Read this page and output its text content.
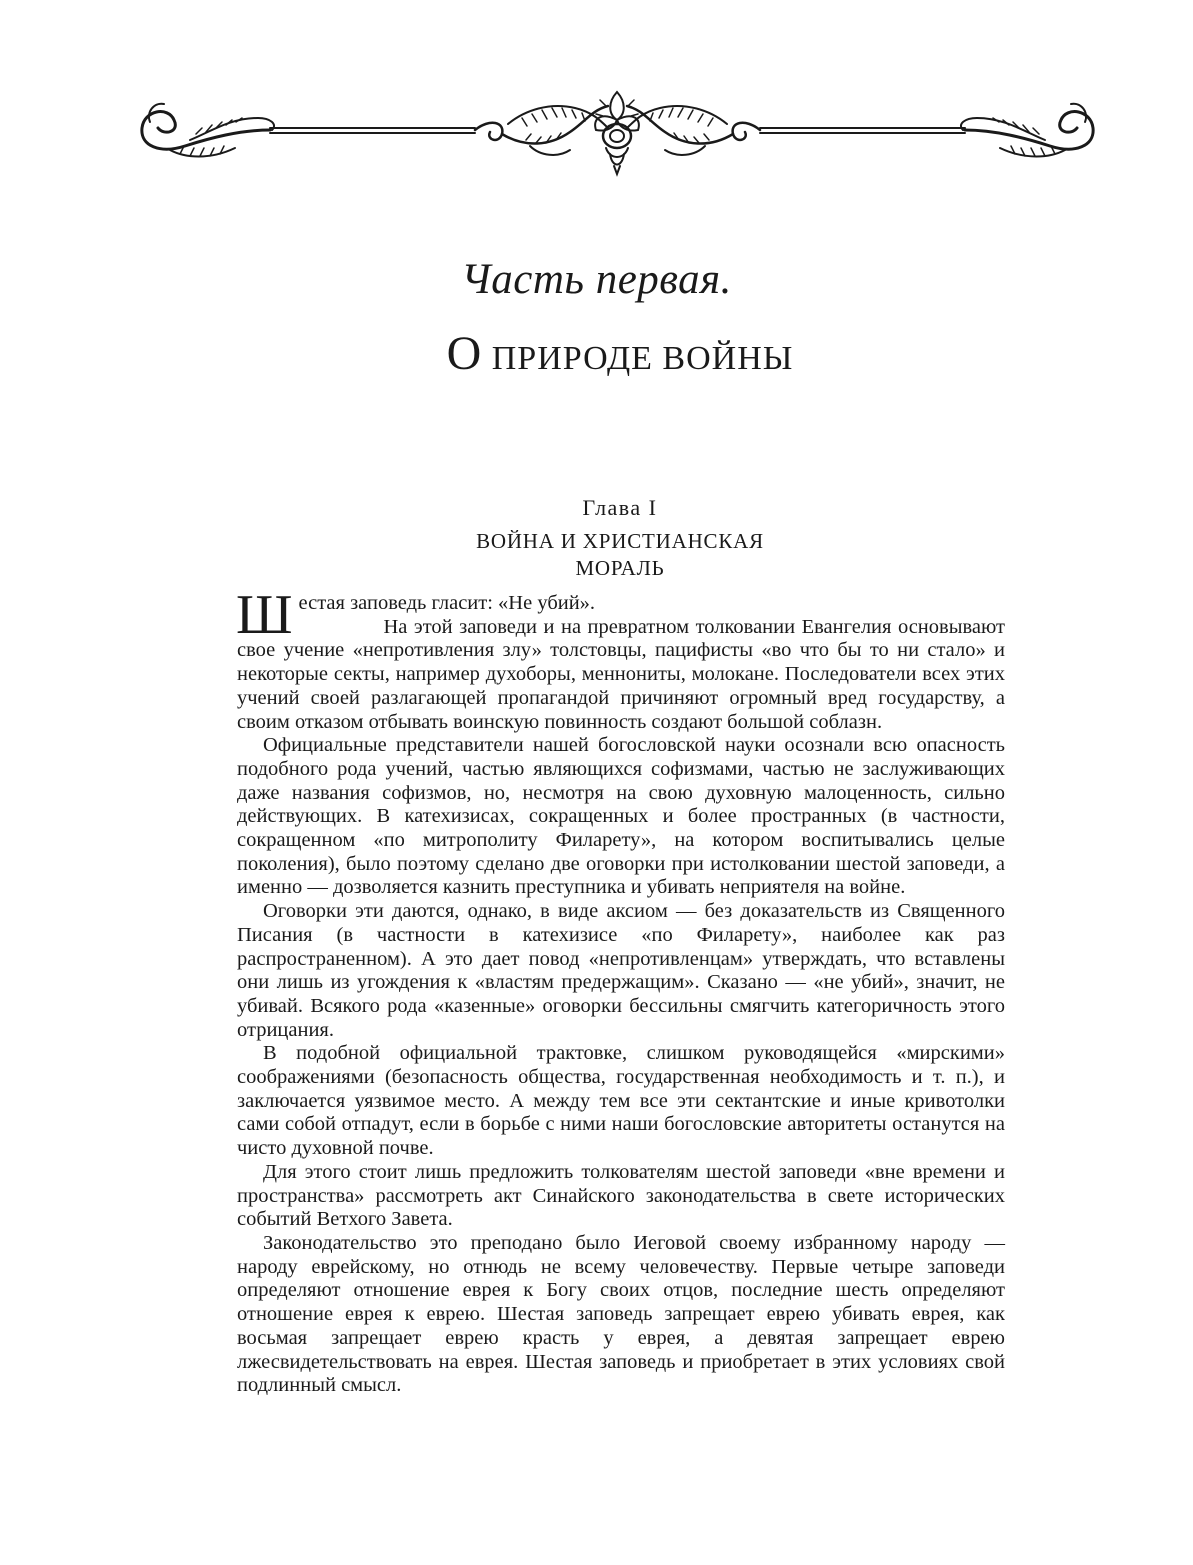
Часть первая.
О ПРИРОДЕ ВОЙНЫ
Глава I
ВОЙНА И ХРИСТИАНСКАЯ
МОРАЛЬ

Ш естая заповедь гласит: «Не убий».
На этой заповеди и на превратном толковании Евангелия основывают свое учение «непротивления злу» толстовцы, пацифисты «во что бы то ни стало» и некоторые секты, например духоборы, меннониты, молокане. Последователи всех этих учений своей разлагающей пропагандой причиняют огромный вред государству, а своим отказом отбывать воинскую повинность создают большой соблазн.

Официальные представители нашей богословской науки осознали всю опасность подобного рода учений, частью являющихся софизмами, частью не заслуживающих даже названия софизмов, но, несмотря на свою духовную малоценность, сильно действующих. В катехизисах, сокращенных и более пространных (в частности, сокращенном «по митрополиту Филарету», на котором воспитывались целые поколения), было поэтому сделано две оговорки при истолковании шестой заповеди, а именно — дозволяется казнить преступника и убивать неприятеля на войне.

Оговорки эти даются, однако, в виде аксиом — без доказательств из Священного Писания (в частности в катехизисе «по Филарету», наиболее как раз распространенном). А это дает повод «непротивленцам» утверждать, что вставлены они лишь из угождения к «властям предержащим». Сказано — «не убий», значит, не убивай. Всякого рода «казенные» оговорки бессильны смягчить категоричность этого отрицания.

В подобной официальной трактовке, слишком руководящейся «мирскими» соображениями (безопасность общества, государственная необходимость и т. п.), и заключается уязвимое место. А между тем все эти сектантские и иные кривотолки сами собой отпадут, если в борьбе с ними наши богословские авторитеты останутся на чисто духовной почве.

Для этого стоит лишь предложить толкователям шестой заповеди «вне времени и пространства» рассмотреть акт Синайского законодательства в свете исторических событий Ветхого Завета.

Законодательство это преподано было Иеговой своему избранному народу — народу еврейскому, но отнюдь не всему человечеству. Первые четыре заповеди определяют отношение еврея к Богу своих отцов, последние шесть определяют отношение еврея к еврею. Шестая заповедь запрещает еврею убивать еврея, как восьмая запрещает еврею красть у еврея, а девятая запрещает еврею лжесвидетельствовать на еврея. Шестая заповедь и приобретает в этих условиях свой подлинный смысл.
